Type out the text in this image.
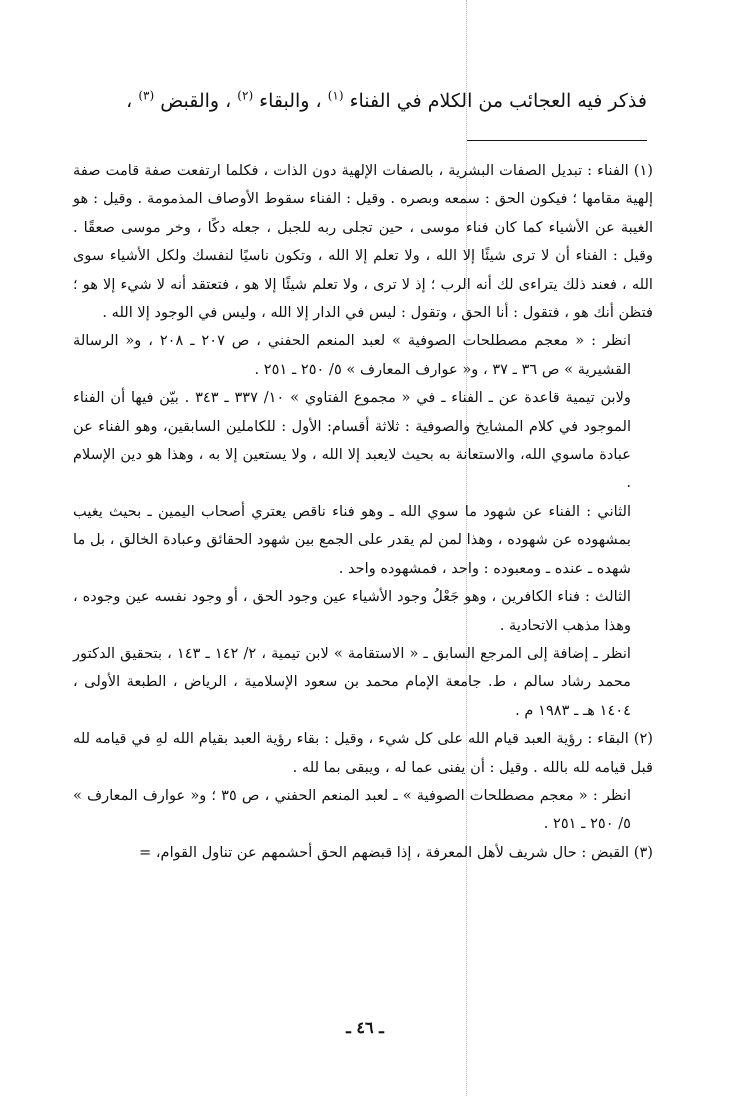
فذكر فيه العجائب من الكلام في الفناء $^{(١)}$ ، والبقاء $^{(٢)}$ ، والقبض $^{(٣)}$ ،

(١) الفناء : تبديل الصفات البشرية ، بالصفات الإلهية دون الذات ، فكلما ارتفعت صفة قامت صفة إلهية مقامها ؛ فيكون الحق : سمعه وبصره . وقيل : الفناء سقوط الأوصاف المذمومة . وقيل : هو الغيبة عن الأشياء كما كان فناء موسى ، حين تجلى ربه للجبل ، جعله دكًا ، وخر موسى صعقًا . وقيل : الفناء أن لا ترى شيئًا إلا الله ، ولا تعلم إلا الله ، وتكون ناسيًا لنفسك ولكل الأشياء سوى الله ، فعند ذلك يتراءى لك أنه الرب ؛ إذ لا ترى ، ولا تعلم شيئًا إلا هو ، فتعتقد أنه لا شيء إلا هو ؛ فتظن أنك هو ، فتقول : أنا الحق ، وتقول : ليس في الدار إلا الله ، وليس في الوجود إلا الله .

انظر : « معجم مصطلحات الصوفية » لعبد المنعم الحفني ، ص ٢٠٧ ـ ٢٠٨ ، و« الرسالة القشيرية » ص ٣٦ ـ ٣٧ ، و« عوارف المعارف » ٥/ ٢٥٠ ـ ٢٥١ .

ولابن تيمية قاعدة عن ـ الفناء ـ في « مجموع الفتاوي » ١٠/ ٣٣٧ ـ ٣٤٣ . بيّن فيها أن الفناء الموجود في كلام المشايخ والصوفية : ثلاثة أقسام: الأول : للكاملين السابقين، وهو الفناء عن عبادة ماسوي الله، والاستعانة به بحيث لايعبد إلا الله ، ولا يستعين إلا به ، وهذا هو دين الإسلام .

الثاني : الفناء عن شهود ما سوي الله ـ وهو فناء ناقص يعتري أصحاب اليمين ـ بحيث يغيب بمشهوده عن شهوده ، وهذا لمن لم يقدر على الجمع بين شهود الحقائق وعبادة الخالق ، بل ما شهده ـ عنده ـ ومعبوده : واحد ، فمشهوده واحد .

الثالث : فناء الكافرين ، وهو جَعْلُ وجود الأشياء عين وجود الحق ، أو وجود نفسه عين وجوده ، وهذا مذهب الاتحادية .

انظر ـ إضافة إلى المرجع السابق ـ « الاستقامة » لابن تيمية ، ٢/ ١٤٢ ـ ١٤٣ ، بتحقيق الدكتور محمد رشاد سالم ، ط. جامعة الإمام محمد بن سعود الإسلامية ، الرياض ، الطبعة الأولى ، ١٤٠٤ هـ ـ ١٩٨٣ م .

(٢) البقاء : رؤية العبد قيام الله على كل شيء ، وقيل : بقاء رؤية العبد بقيام الله لهِ في قيامه لله قبل قيامه لله بالله . وقيل : أن يفنى عما له ، ويبقى بما لله .

انظر : « معجم مصطلحات الصوفية » ـ لعبد المنعم الحفني ، ص ٣٥ ؛ و« عوارف المعارف » ٥/ ٢٥٠ ـ ٢٥١ .

(٣) القبض : حال شريف لأهل المعرفة ، إذا قبضهم الحق أحشمهم عن تناول القوام، =

ـ ٤٦ ـ
